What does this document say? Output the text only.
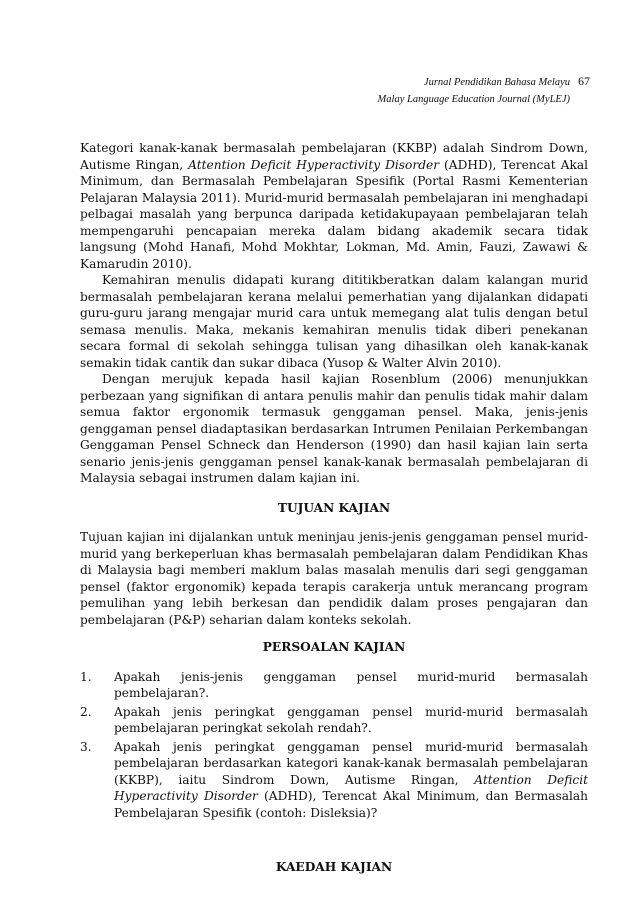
Jurnal Pendidikan Bahasa Melayu 67
Malay Language Education Journal (MyLEJ)

Kategori kanak-kanak bermasalah pembelajaran (KKBP) adalah Sindrom Down, Autisme Ringan, Attention Deficit Hyperactivity Disorder (ADHD), Terencat Akal Minimum, dan Bermasalah Pembelajaran Spesifik (Portal Rasmi Kementerian Pelajaran Malaysia 2011). Murid-murid bermasalah pembelajaran ini menghadapi pelbagai masalah yang berpunca daripada ketidakupayaan pembelajaran telah mempengaruhi pencapaian mereka dalam bidang akademik secara tidak langsung (Mohd Hanafi, Mohd Mokhtar, Lokman, Md. Amin, Fauzi, Zawawi & Kamarudin 2010).

Kemahiran menulis didapati kurang dititikberatkan dalam kalangan murid bermasalah pembelajaran kerana melalui pemerhatian yang dijalankan didapati guru-guru jarang mengajar murid cara untuk memegang alat tulis dengan betul semasa menulis. Maka, mekanis kemahiran menulis tidak diberi penekanan secara formal di sekolah sehingga tulisan yang dihasilkan oleh kanak-kanak semakin tidak cantik dan sukar dibaca (Yusop & Walter Alvin 2010).

Dengan merujuk kepada hasil kajian Rosenblum (2006) menunjukkan perbezaan yang signifikan di antara penulis mahir dan penulis tidak mahir dalam semua faktor ergonomik termasuk genggaman pensel. Maka, jenis-jenis genggaman pensel diadaptasikan berdasarkan Intrumen Penilaian Perkembangan Genggaman Pensel Schneck dan Henderson (1990) dan hasil kajian lain serta senario jenis-jenis genggaman pensel kanak-kanak bermasalah pembelajaran di Malaysia sebagai instrumen dalam kajian ini.

TUJUAN KAJIAN

Tujuan kajian ini dijalankan untuk meninjau jenis-jenis genggaman pensel murid-murid yang berkeperluan khas bermasalah pembelajaran dalam Pendidikan Khas di Malaysia bagi memberi maklum balas masalah menulis dari segi genggaman pensel (faktor ergonomik) kepada terapis carakerja untuk merancang program pemulihan yang lebih berkesan dan pendidik dalam proses pengajaran dan pembelajaran (P&P) seharian dalam konteks sekolah.

PERSOALAN KAJIAN
1.	Apakah jenis-jenis genggaman pensel murid-murid bermasalah pembelajaran?.
2.	Apakah jenis peringkat genggaman pensel murid-murid bermasalah pembelajaran peringkat sekolah rendah?.
3.	Apakah jenis peringkat genggaman pensel murid-murid bermasalah pembelajaran berdasarkan kategori kanak-kanak bermasalah pembelajaran (KKBP), iaitu Sindrom Down, Autisme Ringan, Attention Deficit Hyperactivity Disorder (ADHD), Terencat Akal Minimum, dan Bermasalah Pembelajaran Spesifik (contoh: Disleksia)?
KAEDAH KAJIAN
